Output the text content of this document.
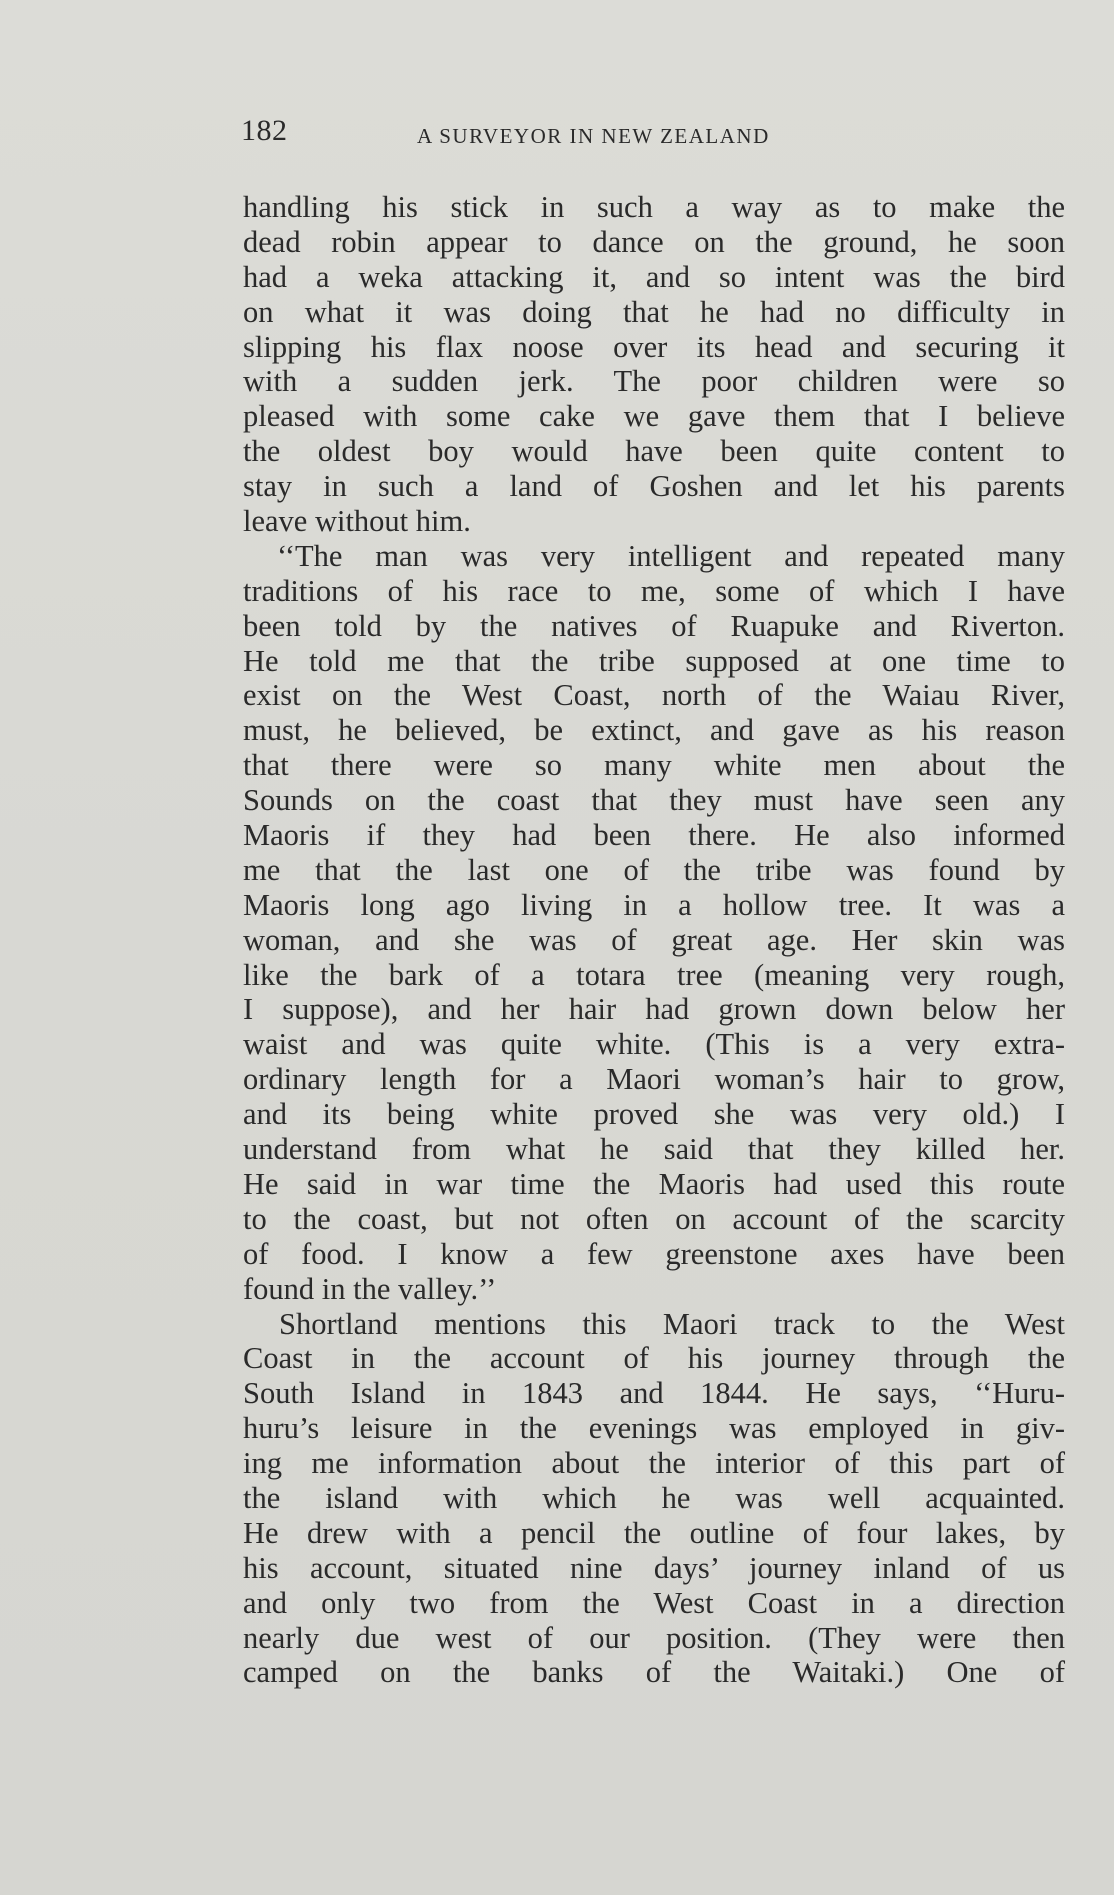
182	A SURVEYOR IN NEW ZEALAND
handling his stick in such a way as to make the
dead robin appear to dance on the ground, he soon
had a weka attacking it, and so intent was the bird
on what it was doing that he had no difficulty in
slipping his flax noose over its head and securing it
with a sudden jerk. The poor children were so
pleased with some cake we gave them that I believe
the oldest boy would have been quite content to
stay in such a land of Goshen and let his parents
leave without him.
‘‘The man was very intelligent and repeated many
traditions of his race to me, some of which I have
been told by the natives of Ruapuke and Riverton.
He told me that the tribe supposed at one time to
exist on the West Coast, north of the Waiau River,
must, he believed, be extinct, and gave as his reason
that there were so many white men about the
Sounds on the coast that they must have seen any
Maoris if they had been there. He also informed
me that the last one of the tribe was found by
Maoris long ago living in a hollow tree. It was a
woman, and she was of great age. Her skin was
like the bark of a totara tree (meaning very rough,
I suppose), and her hair had grown down below her
waist and was quite white. (This is a very extra-
ordinary length for a Maori woman’s hair to grow,
and its being white proved she was very old.) I
understand from what he said that they killed her.
He said in war time the Maoris had used this route
to the coast, but not often on account of the scarcity
of food. I know a few greenstone axes have been
found in the valley.’’
Shortland mentions this Maori track to the West
Coast in the account of his journey through the
South Island in 1843 and 1844. He says, ‘‘Huru-
huru’s leisure in the evenings was employed in giv-
ing me information about the interior of this part of
the island with which he was well acquainted.
He drew with a pencil the outline of four lakes, by
his account, situated nine days’ journey inland of us
and only two from the West Coast in a direction
nearly due west of our position. (They were then
camped on the banks of the Waitaki.) One of
